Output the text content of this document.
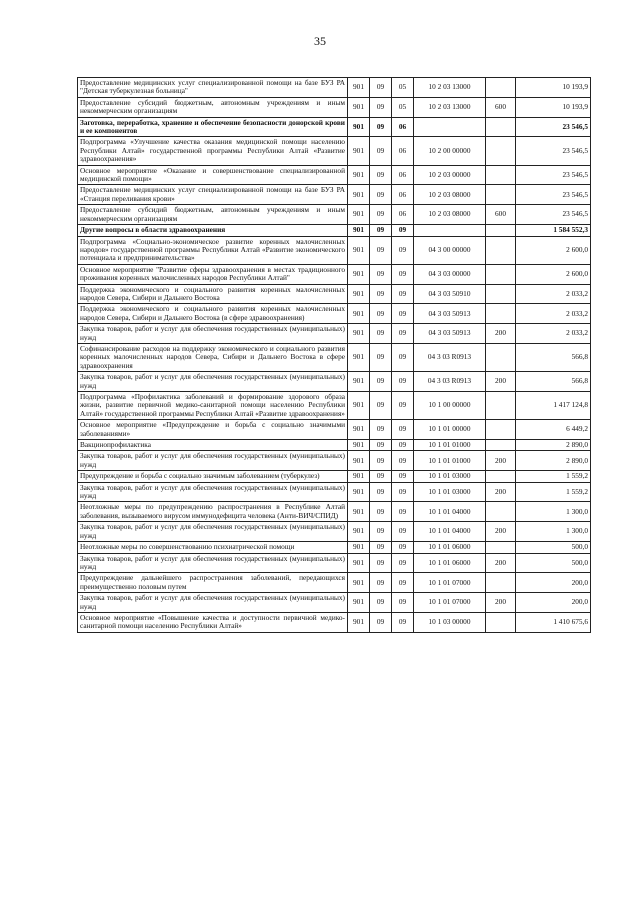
35
Предоставление медицинских услуг специализированной помощи на базе БУЗ РА "Детская туберкулезная больница"	901	09	05	10 2 03 13000		10 193,9
Предоставление субсидий бюджетным, автономным учреждениям и иным некоммерческим организациям	901	09	05	10 2 03 13000	600	10 193,9
Заготовка, переработка, хранение и обеспечение безопасности донорской крови и ее компонентов	901	09	06			23 546,5
Подпрограмма «Улучшение качества оказания медицинской помощи населению Республики Алтай» государственной программы Республики Алтай «Развитие здравоохранения»	901	09	06	10 2 00 00000		23 546,5
Основное мероприятие «Оказание и совершенствование специализированной медицинской помощи»	901	09	06	10 2 03 00000		23 546,5
Предоставление медицинских услуг специализированной помощи на базе БУЗ РА «Станция переливания крови»	901	09	06	10 2 03 08000		23 546,5
Предоставление субсидий бюджетным, автономным учреждениям и иным некоммерческим организациям	901	09	06	10 2 03 08000	600	23 546,5
Другие вопросы в области здравоохранения	901	09	09			1 584 552,3
Подпрограмма «Социально-экономическое развитие коренных малочисленных народов» государственной программы Республики Алтай «Развитие экономического потенциала и предпринимательства»	901	09	09	04 3 00 00000		2 600,0
Основное мероприятие "Развитие сферы здравоохранения в местах традиционного проживания коренных малочисленных народов Республики Алтай"	901	09	09	04 3 03 00000		2 600,0
Поддержка экономического и социального развития коренных малочисленных народов Севера, Сибири и Дальнего Востока	901	09	09	04 3 03 50910		2 033,2
Поддержка экономического и социального развития коренных малочисленных народов Севера, Сибири и Дальнего Востока (в сфере здравоохранения)	901	09	09	04 3 03 50913		2 033,2
Закупка товаров, работ и услуг для обеспечения государственных (муниципальных) нужд	901	09	09	04 3 03 50913	200	2 033,2
Софинансирование расходов на поддержку экономического и социального развития коренных малочисленных народов Севера, Сибири и Дальнего Востока в сфере здравоохранения	901	09	09	04 3 03 R0913		566,8
Закупка товаров, работ и услуг для обеспечения государственных (муниципальных) нужд	901	09	09	04 3 03 R0913	200	566,8
Подпрограмма «Профилактика заболеваний и формирование здорового образа жизни, развитие первичной медико-санитарной помощи населению Республики Алтай» государственной программы Республики Алтай «Развитие здравоохранения»	901	09	09	10 1 00 00000		1 417 124,8
Основное мероприятие «Предупреждение и борьба с социально значимыми заболеваниями»	901	09	09	10 1 01 00000		6 449,2
Вакцинопрофилактика	901	09	09	10 1 01 01000		2 890,0
Закупка товаров, работ и услуг для обеспечения государственных (муниципальных) нужд	901	09	09	10 1 01 01000	200	2 890,0
Предупреждение и борьба с социально значимым заболеванием (туберкулез)	901	09	09	10 1 01 03000		1 559,2
Закупка товаров, работ и услуг для обеспечения государственных (муниципальных) нужд	901	09	09	10 1 01 03000	200	1 559,2
Неотложные меры по предупреждению распространения в Республике Алтай заболевания, вызываемого вирусом иммунодефицита человека (Анти-ВИЧ/СПИД)	901	09	09	10 1 01 04000		1 300,0
Закупка товаров, работ и услуг для обеспечения государственных (муниципальных) нужд	901	09	09	10 1 01 04000	200	1 300,0
Неотложные меры по совершенствованию психиатрической помощи	901	09	09	10 1 01 06000		500,0
Закупка товаров, работ и услуг для обеспечения государственных (муниципальных) нужд	901	09	09	10 1 01 06000	200	500,0
Предупреждение дальнейшего распространения заболеваний, передающихся преимущественно половым путем	901	09	09	10 1 01 07000		200,0
Закупка товаров, работ и услуг для обеспечения государственных (муниципальных) нужд	901	09	09	10 1 01 07000	200	200,0
Основное мероприятие «Повышение качества и доступности первичной медико-санитарной помощи населению Республики Алтай»	901	09	09	10 1 03 00000		1 410 675,6
